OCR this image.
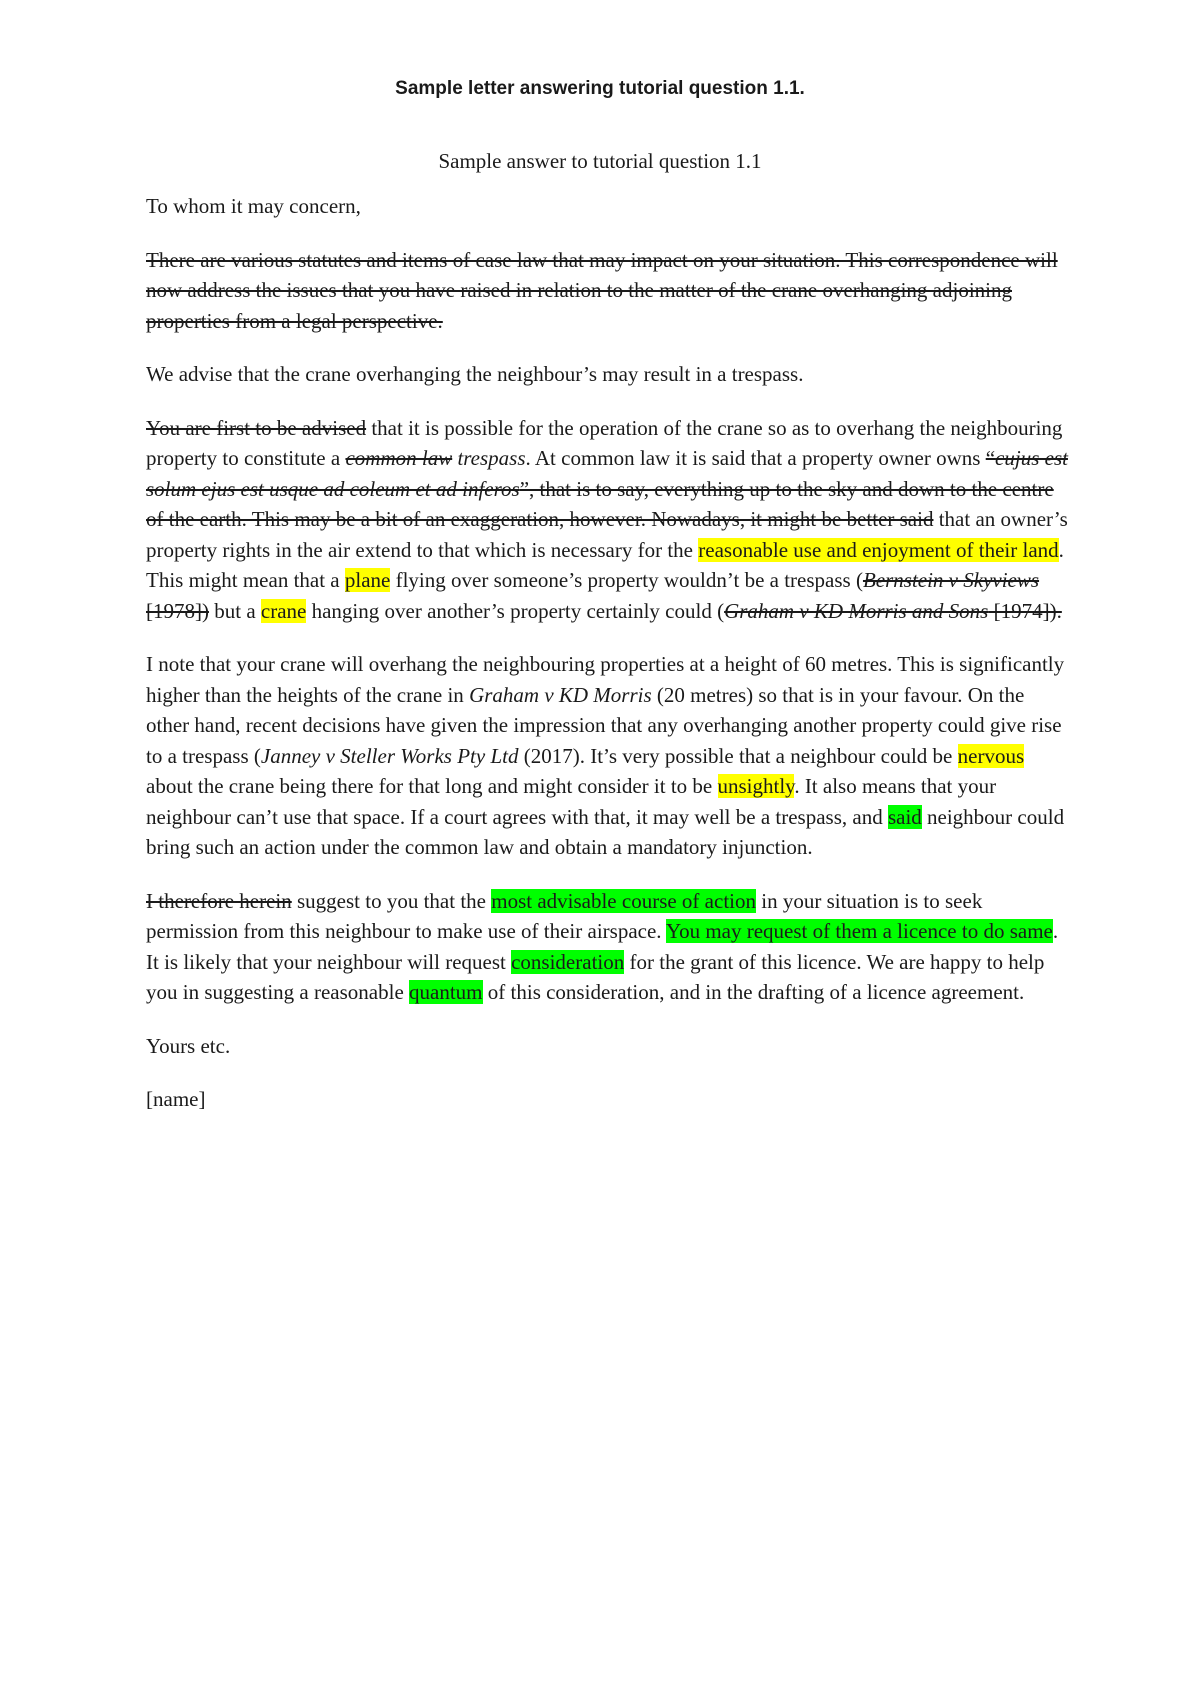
Sample letter answering tutorial question 1.1.
Sample answer to tutorial question 1.1

To whom it may concern,

There are various statutes and items of case law that may impact on your situation. This correspondence will now address the issues that you have raised in relation to the matter of the crane overhanging adjoining properties from a legal perspective.

We advise that the crane overhanging the neighbour’s may result in a trespass.

You are first to be advised that it is possible for the operation of the crane so as to overhang the neighbouring property to constitute a common law trespass. At common law it is said that a property owner owns “cujus est solum ejus est usque ad coleum et ad inferos”, that is to say, everything up to the sky and down to the centre of the earth. This may be a bit of an exaggeration, however. Nowadays, it might be better said that an owner’s property rights in the air extend to that which is necessary for the reasonable use and enjoyment of their land. This might mean that a plane flying over someone’s property wouldn’t be a trespass (Bernstein v Skyviews [1978]) but a crane hanging over another’s property certainly could (Graham v KD Morris and Sons [1974]).

I note that your crane will overhang the neighbouring properties at a height of 60 metres. This is significantly higher than the heights of the crane in Graham v KD Morris (20 metres) so that is in your favour. On the other hand, recent decisions have given the impression that any overhanging another property could give rise to a trespass (Janney v Steller Works Pty Ltd (2017). It’s very possible that a neighbour could be nervous about the crane being there for that long and might consider it to be unsightly. It also means that your neighbour can’t use that space. If a court agrees with that, it may well be a trespass, and said neighbour could bring such an action under the common law and obtain a mandatory injunction.

I therefore herein suggest to you that the most advisable course of action in your situation is to seek permission from this neighbour to make use of their airspace. You may request of them a licence to do same. It is likely that your neighbour will request consideration for the grant of this licence. We are happy to help you in suggesting a reasonable quantum of this consideration, and in the drafting of a licence agreement.

Yours etc.

[name]
